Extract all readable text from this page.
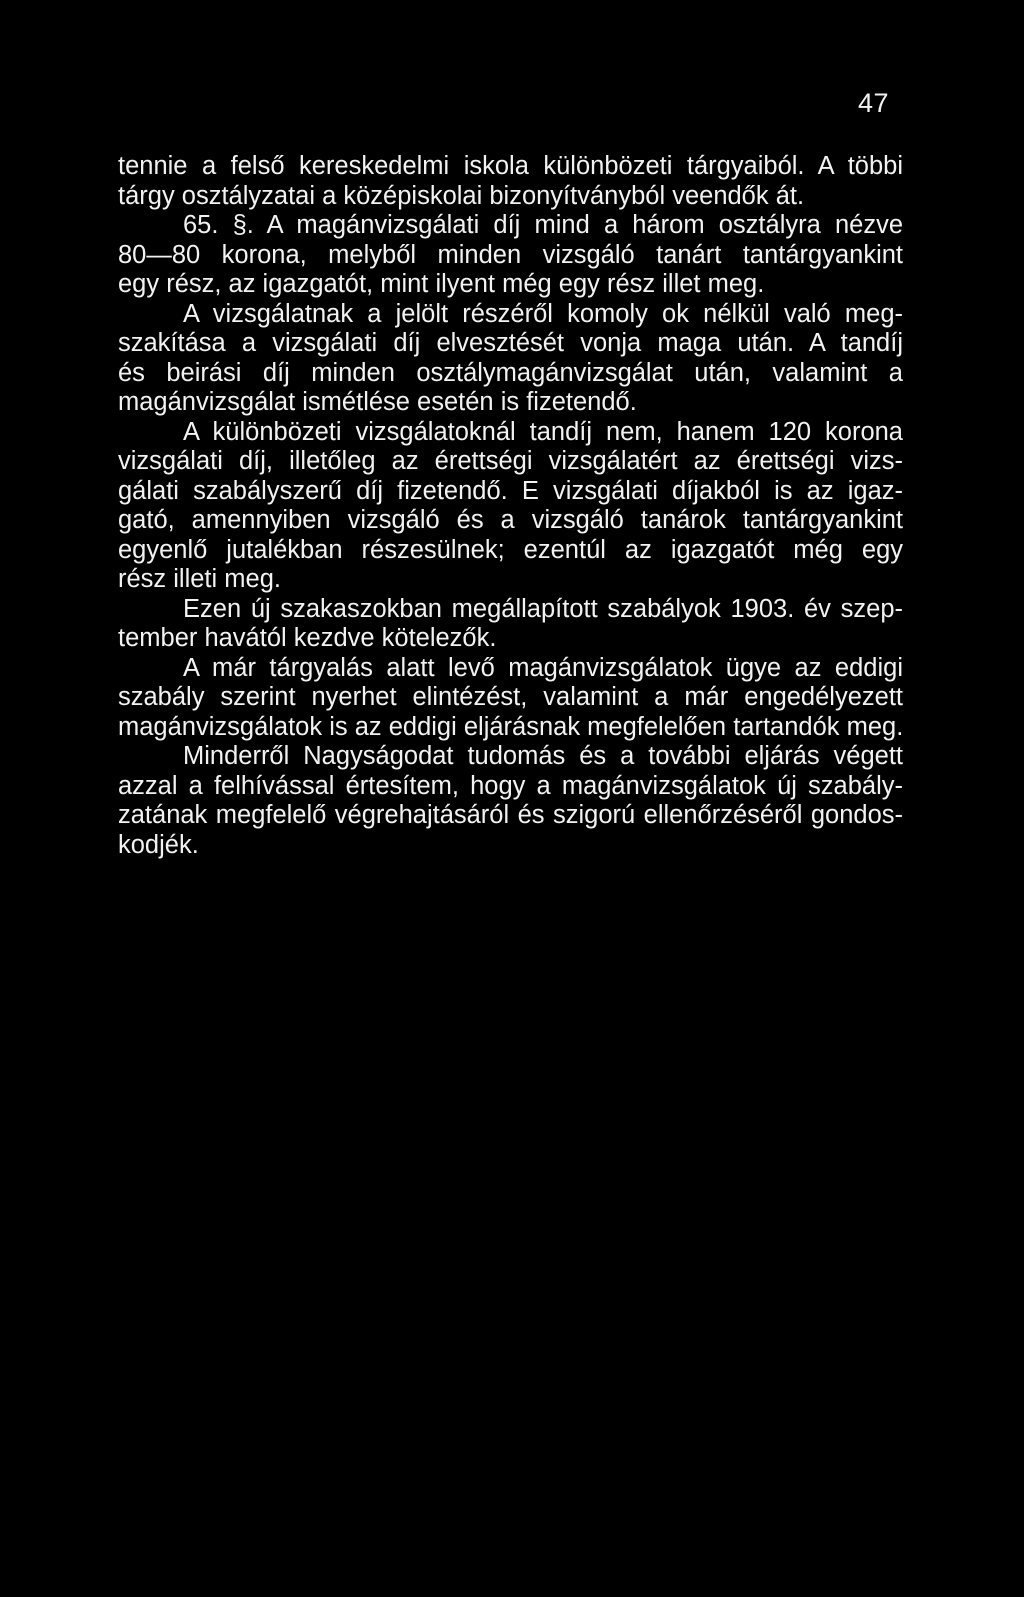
47
tennie a felső kereskedelmi iskola különbözeti tárgyaiból. A többi
tárgy osztályzatai a középiskolai bizonyítványból veendők át.
65. §. A magánvizsgálati díj mind a három osztályra nézve
80—80 korona, melyből minden vizsgáló tanárt tantárgyankint
egy rész, az igazgatót, mint ilyent még egy rész illet meg.
A vizsgálatnak a jelölt részéről komoly ok nélkül való meg-
szakítása a vizsgálati díj elvesztését vonja maga után. A tandíj
és beirási díj minden osztálymagánvizsgálat után, valamint a
magánvizsgálat ismétlése esetén is fizetendő.
A különbözeti vizsgálatoknál tandíj nem, hanem 120 korona
vizsgálati díj, illetőleg az érettségi vizsgálatért az érettségi vizs-
gálati szabályszerű díj fizetendő. E vizsgálati díjakból is az igaz-
gató, amennyiben vizsgáló és a vizsgáló tanárok tantárgyankint
egyenlő jutalékban részesülnek; ezentúl az igazgatót még egy
rész illeti meg.
Ezen új szakaszokban megállapított szabályok 1903. év szep-
tember havától kezdve kötelezők.
A már tárgyalás alatt levő magánvizsgálatok ügye az eddigi
szabály szerint nyerhet elintézést, valamint a már engedélyezett
magánvizsgálatok is az eddigi eljárásnak megfelelően tartandók meg.
Minderről Nagyságodat tudomás és a további eljárás végett
azzal a felhívással értesítem, hogy a magánvizsgálatok új szabály-
zatának megfelelő végrehajtásáról és szigorú ellenőrzéséről gondos-
kodjék.
